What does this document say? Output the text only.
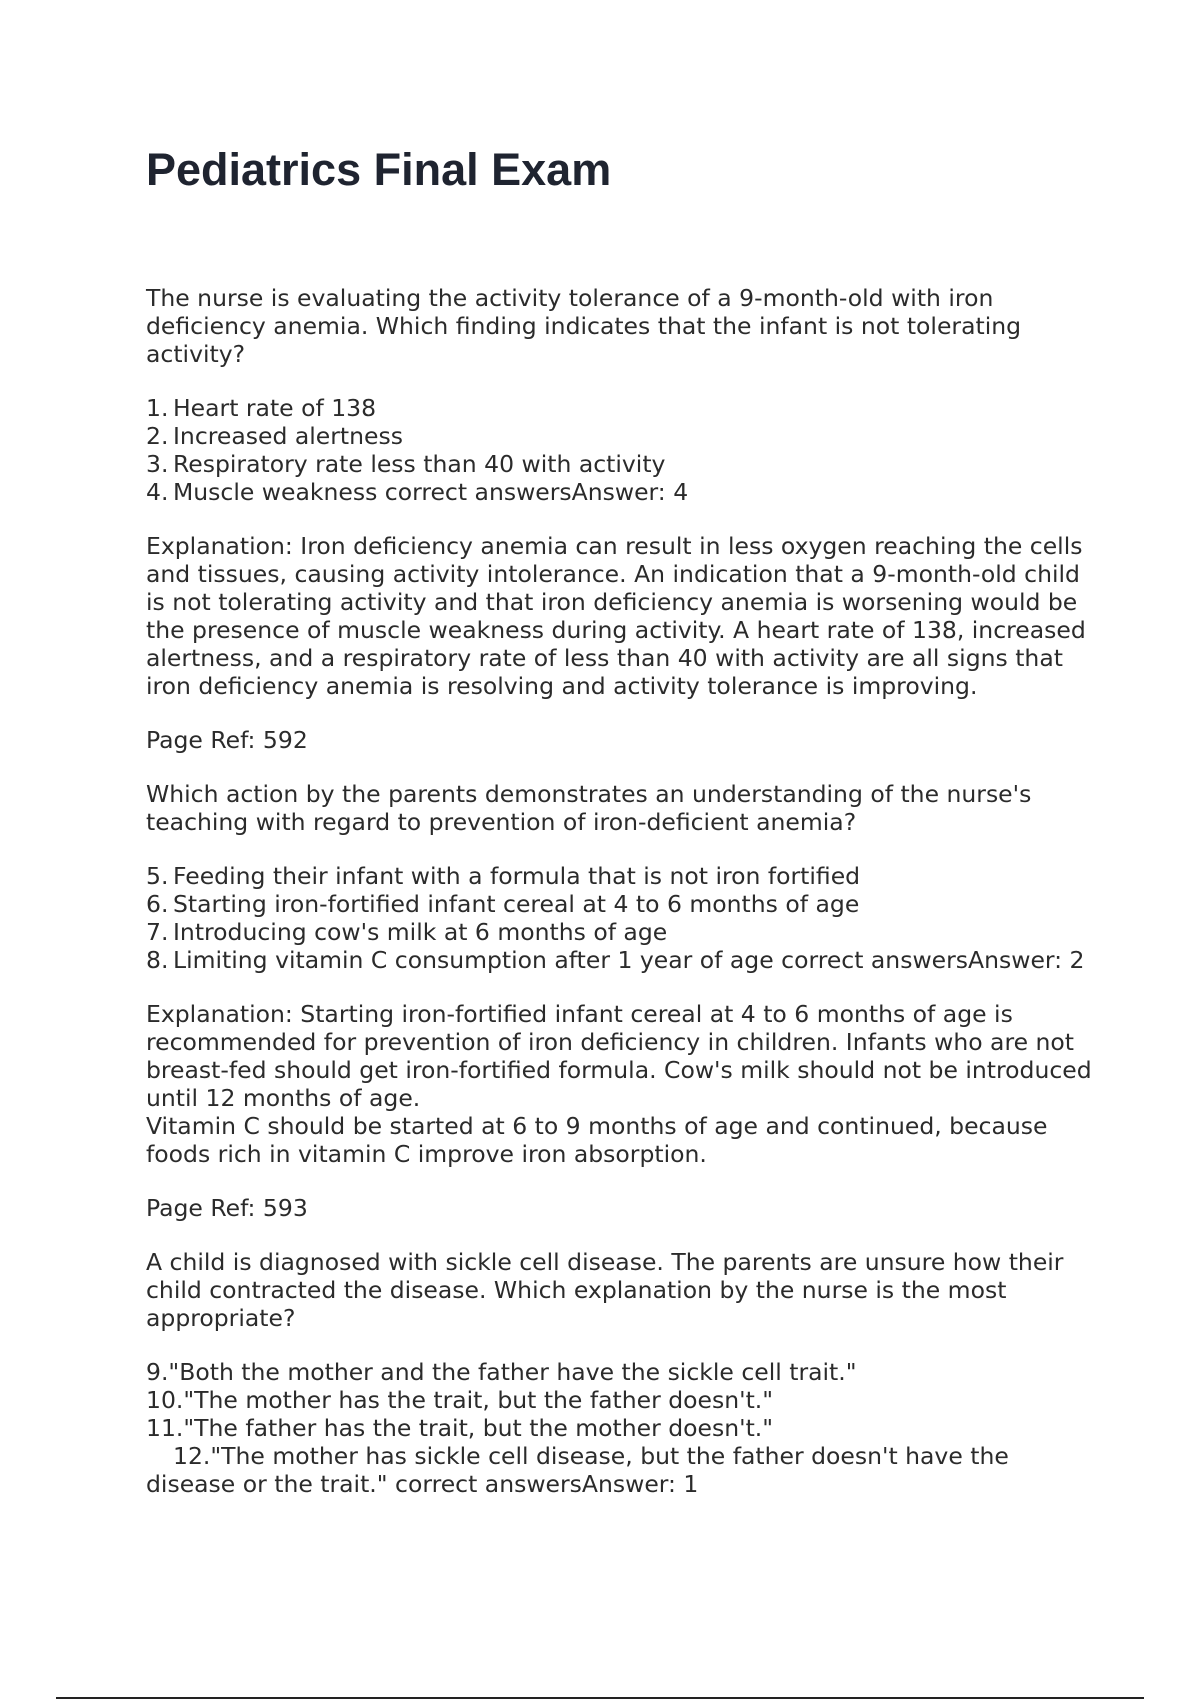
Pediatrics Final Exam

The nurse is evaluating the activity tolerance of a 9-month-old with iron deficiency anemia. Which finding indicates that the infant is not tolerating activity?

1. Heart rate of 138
2. Increased alertness
3. Respiratory rate less than 40 with activity
4. Muscle weakness correct answersAnswer: 4

Explanation: Iron deficiency anemia can result in less oxygen reaching the cells and tissues, causing activity intolerance. An indication that a 9-month-old child is not tolerating activity and that iron deficiency anemia is worsening would be the presence of muscle weakness during activity. A heart rate of 138, increased alertness, and a respiratory rate of less than 40 with activity are all signs that iron deficiency anemia is resolving and activity tolerance is improving.

Page Ref: 592

Which action by the parents demonstrates an understanding of the nurse's teaching with regard to prevention of iron-deficient anemia?

5. Feeding their infant with a formula that is not iron fortified
6. Starting iron-fortified infant cereal at 4 to 6 months of age
7. Introducing cow's milk at 6 months of age
8. Limiting vitamin C consumption after 1 year of age correct answersAnswer: 2

Explanation: Starting iron-fortified infant cereal at 4 to 6 months of age is recommended for prevention of iron deficiency in children. Infants who are not breast-fed should get iron-fortified formula. Cow's milk should not be introduced until 12 months of age.

Vitamin C should be started at 6 to 9 months of age and continued, because foods rich in vitamin C improve iron absorption.

Page Ref: 593

A child is diagnosed with sickle cell disease. The parents are unsure how their child contracted the disease. Which explanation by the nurse is the most appropriate?

9. "Both the mother and the father have the sickle cell trait."
10. "The mother has the trait, but the father doesn't."
11. "The father has the trait, but the mother doesn't."
12."The mother has sickle cell disease, but the father doesn't have the disease or the trait." correct answersAnswer: 1
